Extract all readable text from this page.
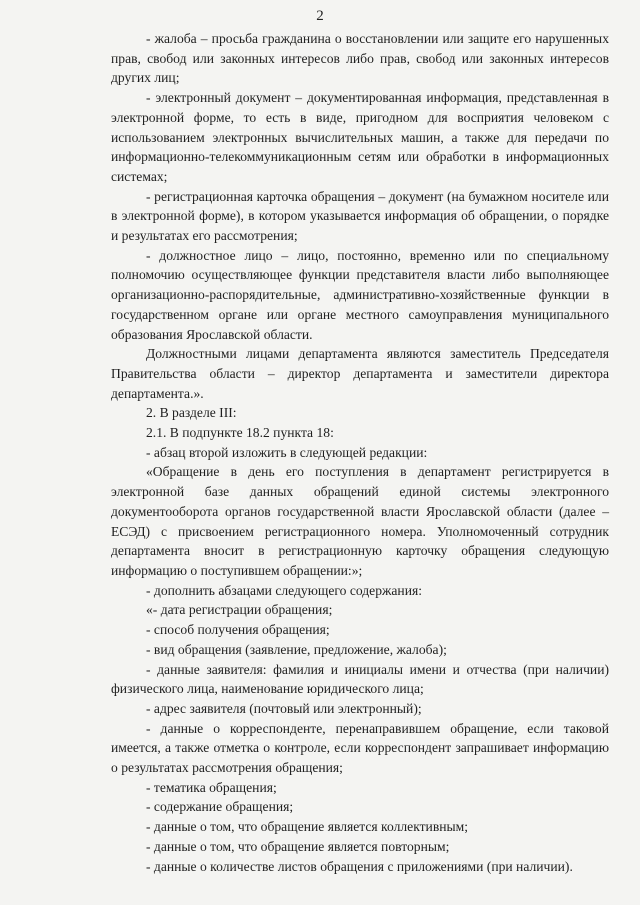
2

- жалоба – просьба гражданина о восстановлении или защите его нарушенных прав, свобод или законных интересов либо прав, свобод или законных интересов других лиц;

- электронный документ – документированная информация, представленная в электронной форме, то есть в виде, пригодном для восприятия человеком с использованием электронных вычислительных машин, а также для передачи по информационно-телекоммуникационным сетям или обработки в информационных системах;

- регистрационная карточка обращения – документ (на бумажном носителе или в электронной форме), в котором указывается информация об обращении, о порядке и результатах его рассмотрения;

- должностное лицо – лицо, постоянно, временно или по специальному полномочию осуществляющее функции представителя власти либо выполняющее организационно-распорядительные, административно-хозяйственные функции в государственном органе или органе местного самоуправления муниципального образования Ярославской области.

Должностными лицами департамента являются заместитель Председателя Правительства области – директор департамента и заместители директора департамента.».

2. В разделе III:

2.1. В подпункте 18.2 пункта 18:

- абзац второй изложить в следующей редакции:

«Обращение в день его поступления в департамент регистрируется в электронной базе данных обращений единой системы электронного документооборота органов государственной власти Ярославской области (далее – ЕСЭД) с присвоением регистрационного номера. Уполномоченный сотрудник департамента вносит в регистрационную карточку обращения следующую информацию о поступившем обращении:»;

- дополнить абзацами следующего содержания:

«- дата регистрации обращения;

- способ получения обращения;

- вид обращения (заявление, предложение, жалоба);

- данные заявителя: фамилия и инициалы имени и отчества (при наличии) физического лица, наименование юридического лица;

- адрес заявителя (почтовый или электронный);

- данные о корреспонденте, перенаправившем обращение, если таковой имеется, а также отметка о контроле, если корреспондент запрашивает информацию о результатах рассмотрения обращения;

- тематика обращения;

- содержание обращения;

- данные о том, что обращение является коллективным;

- данные о том, что обращение является повторным;

- данные о количестве листов обращения с приложениями (при наличии).
